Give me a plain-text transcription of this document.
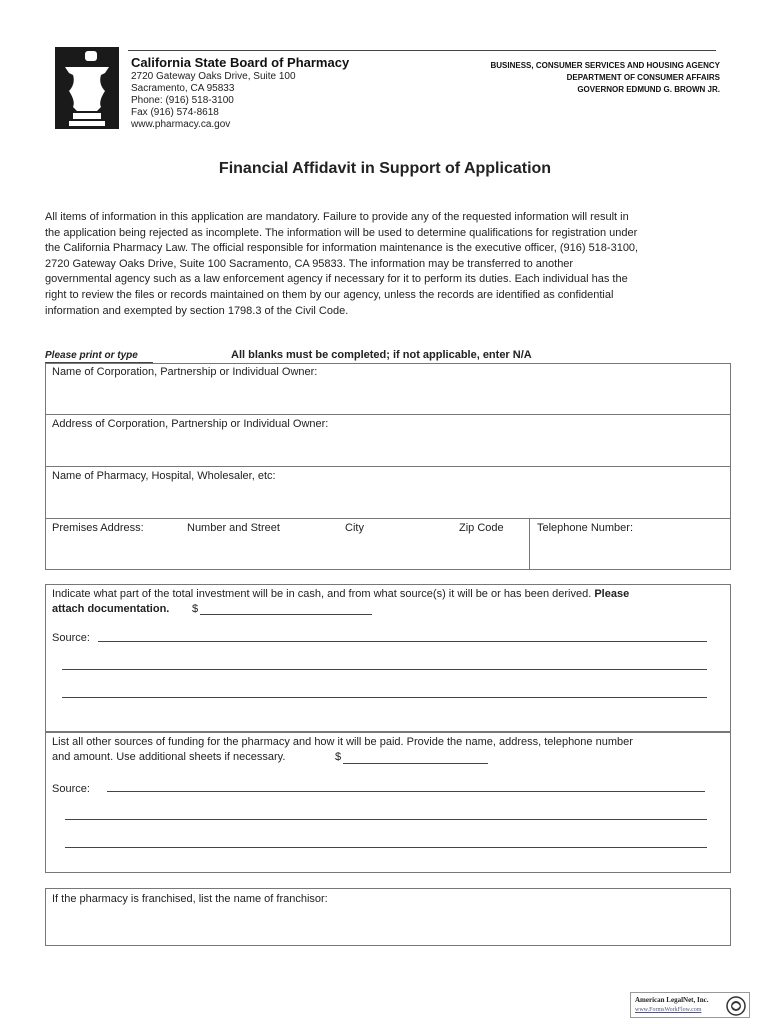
California State Board of Pharmacy
2720 Gateway Oaks Drive, Suite 100
Sacramento, CA 95833
Phone: (916) 518-3100
Fax (916) 574-8618
www.pharmacy.ca.gov
BUSINESS, CONSUMER SERVICES AND HOUSING AGENCY
DEPARTMENT OF CONSUMER AFFAIRS
GOVERNOR EDMUND G. BROWN JR.
Financial Affidavit in Support of Application
All items of information in this application are mandatory. Failure to provide any of the requested information will result in
the application being rejected as incomplete. The information will be used to determine qualifications for registration under
the California Pharmacy Law. The official responsible for information maintenance is the executive officer, (916) 518-3100,
2720 Gateway Oaks Drive, Suite 100 Sacramento, CA 95833. The information may be transferred to another
governmental agency such as a law enforcement agency if necessary for it to perform its duties. Each individual has the
right to review the files or records maintained on them by our agency, unless the records are identified as confidential
information and exempted by section 1798.3 of the Civil Code.
Please print or type	All blanks must be completed; if not applicable, enter N/A
Name of Corporation, Partnership or Individual Owner:
Address of Corporation, Partnership or Individual Owner:
Name of Pharmacy, Hospital, Wholesaler, etc:
Premises Address:	Number and Street	City	Zip Code	Telephone Number:
Indicate what part of the total investment will be in cash, and from what source(s) it will be or has been derived. Please
attach documentation. $
Source:
List all other sources of funding for the pharmacy and how it will be paid. Provide the name, address, telephone number
and amount. Use additional sheets if necessary.	$
Source:
If the pharmacy is franchised, list the name of franchisor:
American LegalNet, Inc.
www.FormsWorkFlow.com
